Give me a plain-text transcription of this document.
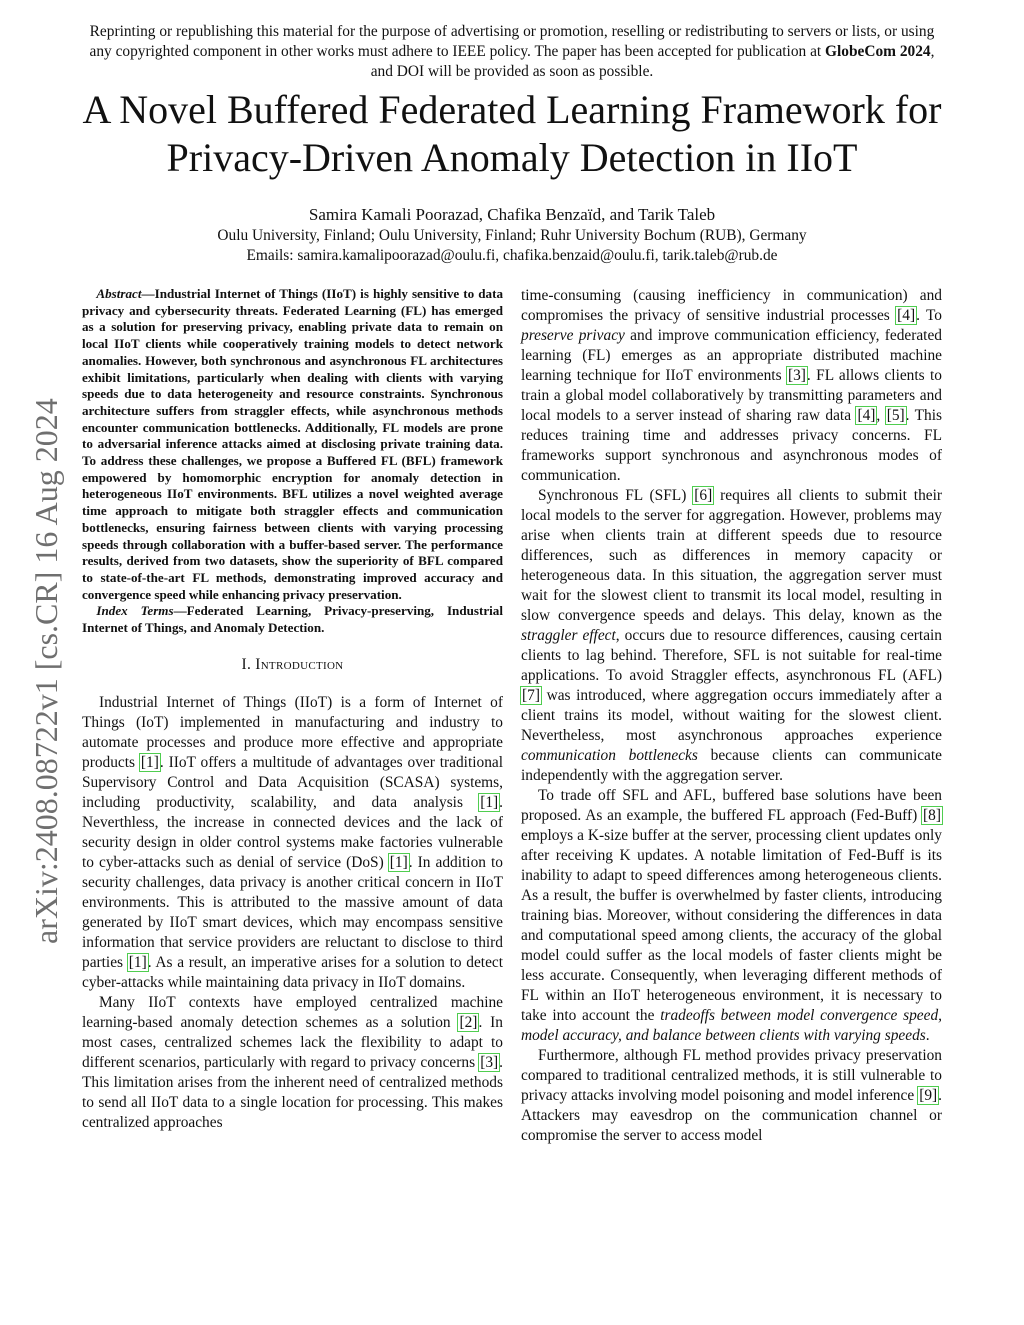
Reprinting or republishing this material for the purpose of advertising or promotion, reselling or redistributing to servers or lists, or using any copyrighted component in other works must adhere to IEEE policy. The paper has been accepted for publication at GlobeCom 2024, and DOI will be provided as soon as possible.
A Novel Buffered Federated Learning Framework for Privacy-Driven Anomaly Detection in IIoT
Samira Kamali Poorazad, Chafika Benzaïd, and Tarik Taleb
Oulu University, Finland; Oulu University, Finland; Ruhr University Bochum (RUB), Germany
Emails: samira.kamalipoorazad@oulu.fi, chafika.benzaid@oulu.fi, tarik.taleb@rub.de
arXiv:2408.08722v1 [cs.CR] 16 Aug 2024

Abstract—Industrial Internet of Things (IIoT) is highly sensitive to data privacy and cybersecurity threats. Federated Learning (FL) has emerged as a solution for preserving privacy, enabling private data to remain on local IIoT clients while cooperatively training models to detect network anomalies. However, both synchronous and asynchronous FL architectures exhibit limitations, particularly when dealing with clients with varying speeds due to data heterogeneity and resource constraints. Synchronous architecture suffers from straggler effects, while asynchronous methods encounter communication bottlenecks. Additionally, FL models are prone to adversarial inference attacks aimed at disclosing private training data. To address these challenges, we propose a Buffered FL (BFL) framework empowered by homomorphic encryption for anomaly detection in heterogeneous IIoT environments. BFL utilizes a novel weighted average time approach to mitigate both straggler effects and communication bottlenecks, ensuring fairness between clients with varying processing speeds through collaboration with a buffer-based server. The performance results, derived from two datasets, show the superiority of BFL compared to state-of-the-art FL methods, demonstrating improved accuracy and convergence speed while enhancing privacy preservation.

Index Terms—Federated Learning, Privacy-preserving, Industrial Internet of Things, and Anomaly Detection.

I. Introduction

Industrial Internet of Things (IIoT) is a form of Internet of Things (IoT) implemented in manufacturing and industry to automate processes and produce more effective and appropriate products [1]. IIoT offers a multitude of advantages over traditional Supervisory Control and Data Acquisition (SCASA) systems, including productivity, scalability, and data analysis [1]. Neverthless, the increase in connected devices and the lack of security design in older control systems make factories vulnerable to cyber-attacks such as denial of service (DoS) [1]. In addition to security challenges, data privacy is another critical concern in IIoT environments. This is attributed to the massive amount of data generated by IIoT smart devices, which may encompass sensitive information that service providers are reluctant to disclose to third parties [1]. As a result, an imperative arises for a solution to detect cyber-attacks while maintaining data privacy in IIoT domains.

Many IIoT contexts have employed centralized machine learning-based anomaly detection schemes as a solution [2]. In most cases, centralized schemes lack the flexibility to adapt to different scenarios, particularly with regard to privacy concerns [3]. This limitation arises from the inherent need of centralized methods to send all IIoT data to a single location for processing. This makes centralized approaches

time-consuming (causing inefficiency in communication) and compromises the privacy of sensitive industrial processes [4]. To preserve privacy and improve communication efficiency, federated learning (FL) emerges as an appropriate distributed machine learning technique for IIoT environments [3]. FL allows clients to train a global model collaboratively by transmitting parameters and local models to a server instead of sharing raw data [4], [5]. This reduces training time and addresses privacy concerns. FL frameworks support synchronous and asynchronous modes of communication.

Synchronous FL (SFL) [6] requires all clients to submit their local models to the server for aggregation. However, problems may arise when clients train at different speeds due to resource differences, such as differences in memory capacity or heterogeneous data. In this situation, the aggregation server must wait for the slowest client to transmit its local model, resulting in slow convergence speeds and delays. This delay, known as the straggler effect, occurs due to resource differences, causing certain clients to lag behind. Therefore, SFL is not suitable for real-time applications. To avoid Straggler effects, asynchronous FL (AFL) [7] was introduced, where aggregation occurs immediately after a client trains its model, without waiting for the slowest client. Nevertheless, most asynchronous approaches experience communication bottlenecks because clients can communicate independently with the aggregation server.

To trade off SFL and AFL, buffered base solutions have been proposed. As an example, the buffered FL approach (Fed-Buff) [8] employs a K-size buffer at the server, processing client updates only after receiving K updates. A notable limitation of Fed-Buff is its inability to adapt to speed differences among heterogeneous clients. As a result, the buffer is overwhelmed by faster clients, introducing training bias. Moreover, without considering the differences in data and computational speed among clients, the accuracy of the global model could suffer as the local models of faster clients might be less accurate. Consequently, when leveraging different methods of FL within an IIoT heterogeneous environment, it is necessary to take into account the tradeoffs between model convergence speed, model accuracy, and balance between clients with varying speeds.

Furthermore, although FL method provides privacy preservation compared to traditional centralized methods, it is still vulnerable to privacy attacks involving model poisoning and model inference [9]. Attackers may eavesdrop on the communication channel or compromise the server to access model
